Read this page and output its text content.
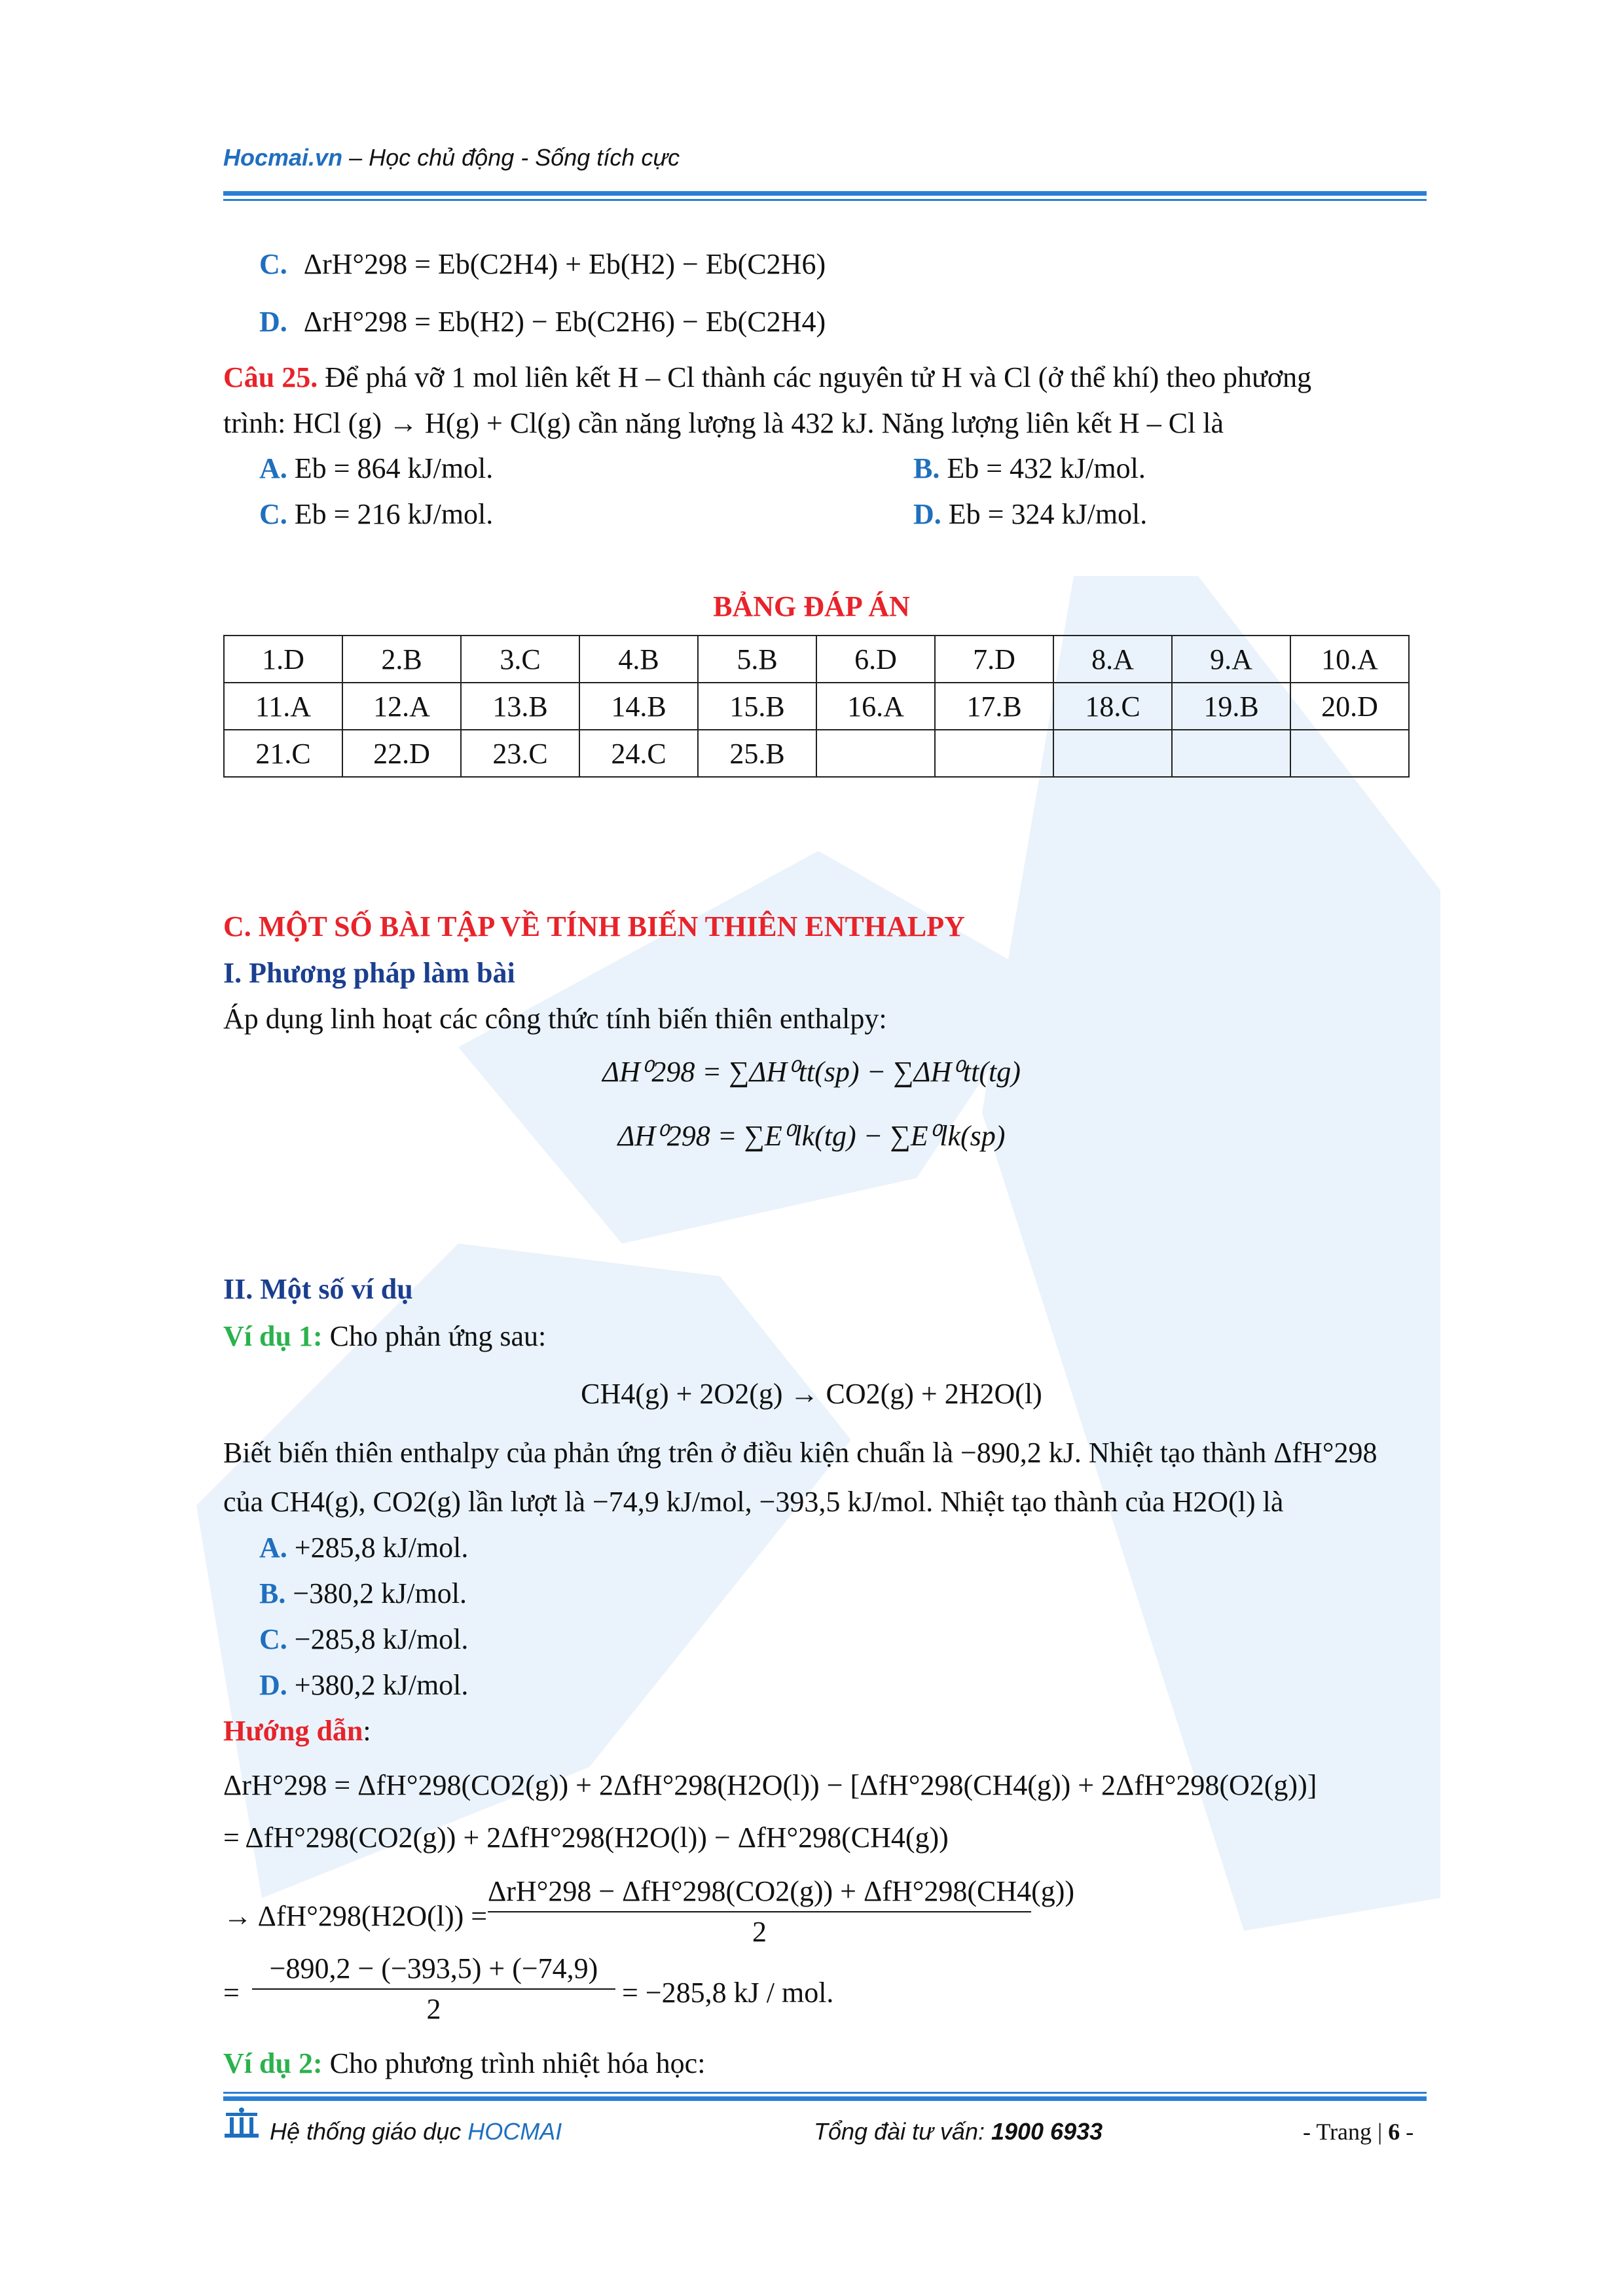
Hocmai.vn – Học chủ động - Sống tích cực
C. ΔrH°298 = Eb(C2H4) + Eb(H2) − Eb(C2H6)
D. ΔrH°298 = Eb(H2) − Eb(C2H6) − Eb(C2H4)
Câu 25. Để phá vỡ 1 mol liên kết H – Cl thành các nguyên tử H và Cl (ở thể khí) theo phương
trình: HCl (g) → H(g) + Cl(g) cần năng lượng là 432 kJ. Năng lượng liên kết H – Cl là
A. Eb = 864 kJ/mol.	B. Eb = 432 kJ/mol.
C. Eb = 216 kJ/mol.	D. Eb = 324 kJ/mol.
BẢNG ĐÁP ÁN
1.D	2.B	3.C	4.B	5.B	6.D	7.D	8.A	9.A	10.A
11.A	12.A	13.B	14.B	15.B	16.A	17.B	18.C	19.B	20.D
21.C	22.D	23.C	24.C	25.B					
C. MỘT SỐ BÀI TẬP VỀ TÍNH BIẾN THIÊN ENTHALPY
I. Phương pháp làm bài
Áp dụng linh hoạt các công thức tính biến thiên enthalpy:
ΔH⁰298 = ∑ΔH⁰tt(sp) − ∑ΔH⁰tt(tg)
ΔH⁰298 = ∑E⁰lk(tg) − ∑E⁰lk(sp)
II. Một số ví dụ
Ví dụ 1: Cho phản ứng sau:
CH4(g) + 2O2(g) → CO2(g) + 2H2O(l)
Biết biến thiên enthalpy của phản ứng trên ở điều kiện chuẩn là −890,2 kJ. Nhiệt tạo thành ΔfH°298
của CH4(g), CO2(g) lần lượt là −74,9 kJ/mol, −393,5 kJ/mol. Nhiệt tạo thành của H2O(l) là
A. +285,8 kJ/mol.
B. −380,2 kJ/mol.
C. −285,8 kJ/mol.
D. +380,2 kJ/mol.
Hướng dẫn:
ΔrH°298 = ΔfH°298(CO2(g)) + 2ΔfH°298(H2O(l)) − [ΔfH°298(CH4(g)) + 2ΔfH°298(O2(g))]
= ΔfH°298(CO2(g)) + 2ΔfH°298(H2O(l)) − ΔfH°298(CH4(g))
→ ΔfH°298(H2O(l)) =
ΔrH°298 − ΔfH°298(CO2(g)) + ΔfH°298(CH4(g))
2
=
−890,2 − (−393,5) + (−74,9)
2
= −285,8 kJ / mol.
Ví dụ 2: Cho phương trình nhiệt hóa học:
Hệ thống giáo dục HOCMAI	Tổng đài tư vấn: 1900 6933	- Trang | 6 -
